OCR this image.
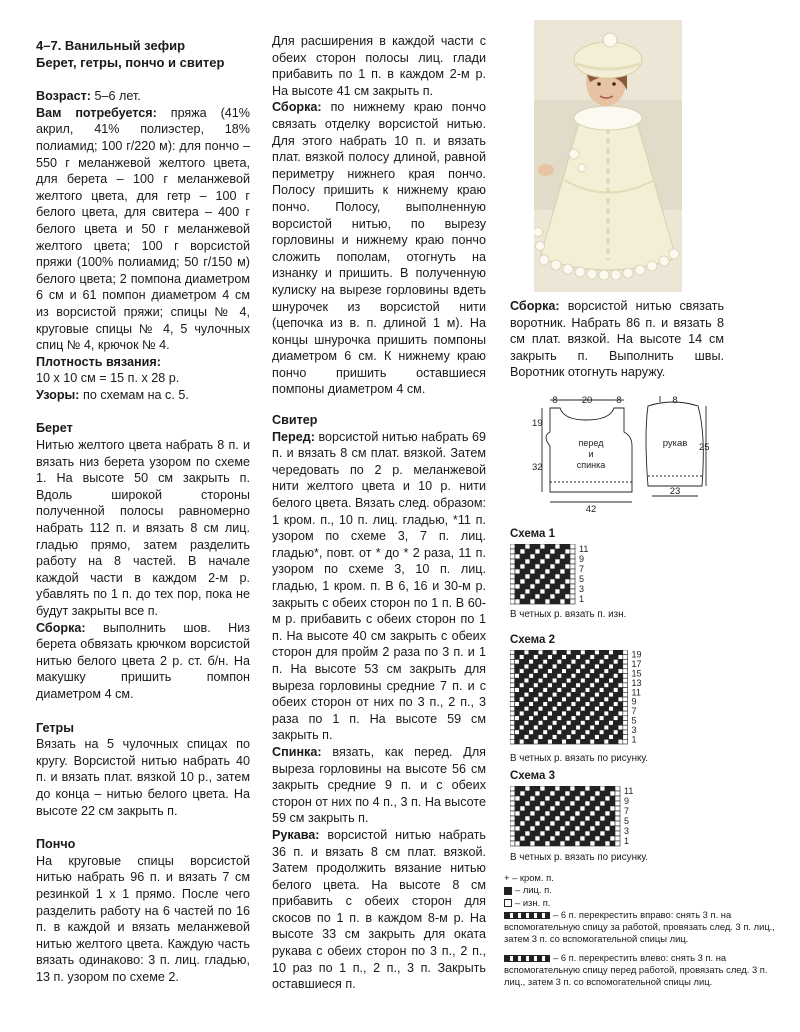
4–7. Ванильный зефир

Берет, гетры, пончо и свитер

Возраст: 5–6 лет.

Вам потребуется: пряжа (41% акрил, 41% полиэстер, 18% полиамид; 100 г/220 м): для пончо – 550 г меланжевой желтого цвета, для берета – 100 г меланжевой желтого цвета, для гетр – 100 г белого цвета, для свитера – 400 г белого цвета и 50 г меланжевой желтого цвета; 100 г ворсистой пряжи (100% полиамид; 50 г/150 м) белого цвета; 2 помпона диаметром 6 см и 61 помпон диаметром 4 см из ворсистой пряжи; спицы № 4, круговые спицы № 4, 5 чулочных спиц № 4, крючок № 4.

Плотность вязания:
10 х 10 см = 15 п. х 28 р.

Узоры: по схемам на с. 5.

Берет

Нитью желтого цвета набрать 8 п. и вязать низ берета узором по схеме 1. На высоте 50 см закрыть п. Вдоль широкой стороны полученной полосы равномерно набрать 112 п. и вязать 8 см лиц. гладью прямо, затем разделить работу на 8 частей. В начале каждой части в каждом 2-м р. убавлять по 1 п. до тех пор, пока не будут закрыты все п.

Сборка: выполнить шов. Низ берета обвязать крючком ворсистой нитью белого цвета 2 р. ст. б/н. На макушку пришить помпон диаметром 4 см.

Гетры

Вязать на 5 чулочных спицах по кругу. Ворсистой нитью набрать 40 п. и вязать плат. вязкой 10 р., затем до конца – нитью белого цвета. На высоте 22 см закрыть п.

Пончо

На круговые спицы ворсистой нитью набрать 96 п. и вязать 7 см резинкой 1 х 1 прямо. После чего разделить работу на 6 частей по 16 п. в каждой и вязать меланжевой нитью желтого цвета. Каждую часть вязать одинаково: 3 п. лиц. гладью, 13 п. узором по схеме 2.

Для расширения в каждой части с обеих сторон полосы лиц. глади прибавить по 1 п. в каждом 2-м р. На высоте 41 см закрыть п.

Сборка: по нижнему краю пончо связать отделку ворсистой нитью. Для этого набрать 10 п. и вязать плат. вязкой полосу длиной, равной периметру нижнего края пончо. Полосу пришить к нижнему краю пончо. Полосу, выполненную ворсистой нитью, по вырезу горловины и нижнему краю пончо сложить пополам, отогнуть на изнанку и пришить. В полученную кулиску на вырезе горловины вдеть шнурочек из ворсистой нити (цепочка из в. п. длиной 1 м). На концы шнурочка пришить помпоны диаметром 6 см. К нижнему краю пончо пришить оставшиеся помпоны диаметром 4 см.

Свитер

Перед: ворсистой нитью набрать 69 п. и вязать 8 см плат. вязкой. Затем чередовать по 2 р. меланжевой нити желтого цвета и 10 р. нити белого цвета. Вязать след. образом: 1 кром. п., 10 п. лиц. гладью, *11 п. узором по схеме 3, 7 п. лиц. гладью*, повт. от * до * 2 раза, 11 п. узором по схеме 3, 10 п. лиц. гладью, 1 кром. п. В 6, 16 и 30-м р. закрыть с обеих сторон по 1 п. В 60-м р. прибавить с обеих сторон по 1 п. На высоте 40 см закрыть с обеих сторон для пройм 2 раза по 3 п. и 1 п. На высоте 53 см закрыть для выреза горловины средние 7 п. и с обеих сторон от них по 3 п., 2 п., 3 раза по 1 п. На высоте 59 см закрыть п.

Спинка: вязать, как перед. Для выреза горловины на высоте 56 см закрыть средние 9 п. и с обеих сторон от них по 4 п., 3 п. На высоте 59 см закрыть п.

Рукава: ворсистой нитью набрать 36 п. и вязать 8 см плат. вязкой. Затем продолжить вязание нитью белого цвета. На высоте 8 см прибавить с обеих сторон для скосов по 1 п. в каждом 8-м р. На высоте 33 см закрыть для оката рукава с обеих сторон по 3 п., 2 п., 10 раз по 1 п., 2 п., 3 п. Закрыть оставшиеся п.

Сборка: ворсистой нитью связать воротник. Набрать 86 п. и вязать 8 см плат. вязкой. На высоте 14 см закрыть п. Выполнить швы. Воротник отогнуть наружу.

8	20	8
19
32
42
8
25
23
перед
и
спинка
рукав
Схема 1
11
9
7
5
3
1
В четных р. вязать п. изн.
Схема 2
19
17
15
13
11
9
7
5
3
1
В четных р. вязать по рисунку.
Схема 3
11
9
7
5
3
1
В четных р. вязать по рисунку.

+ – кром. п.

– лиц. п.

– изн. п.

– 6 п. перекрестить вправо: снять 3 п. на вспомогательную спицу за работой, провязать след. 3 п. лиц., затем 3 п. со вспомогательной спицы лиц.

– 6 п. перекрестить влево: снять 3 п. на вспомогательную спицу перед работой, провязать след. 3 п. лиц., затем 3 п. со вспомогательной спицы лиц.
